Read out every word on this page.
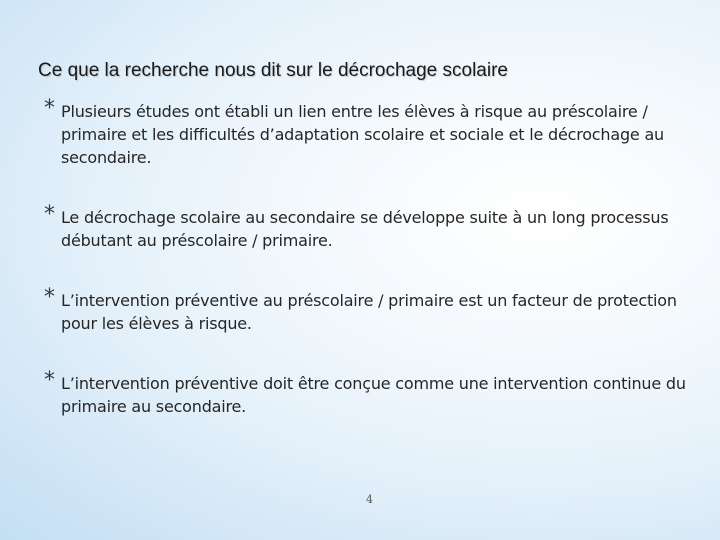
Ce que la recherche nous dit sur le décrochage scolaire
* Plusieurs études ont établi un lien entre les élèves à risque au préscolaire / primaire et les difficultés d’adaptation scolaire et sociale et le décrochage au secondaire.
* Le décrochage scolaire au secondaire se développe suite à un long processus débutant au préscolaire / primaire.
* L’intervention préventive au préscolaire / primaire est un facteur de protection pour les élèves à risque.
* L’intervention préventive doit être conçue comme une intervention continue du primaire au secondaire.
4
